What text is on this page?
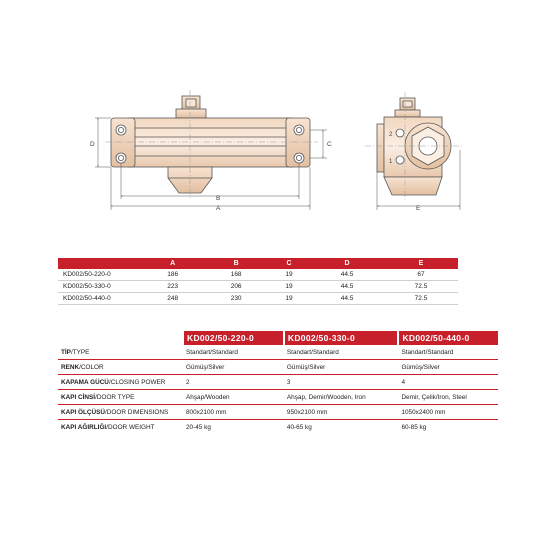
B
A
D	C
E
2
1
	A	B	C	D	E
KD002/50-220-0	186	168	19	44.5	67
KD002/50-330-0	223	206	19	44.5	72.5
KD002/50-440-0	248	230	19	44.5	72.5
	KD002/50-220-0	KD002/50-330-0	KD002/50-440-0
TİP/TYPE	Standart/Standard	Standart/Standard	Standart/Standard
RENK/COLOR	Gümüş/Silver	Gümüş/Silver	Gümüş/Silver
KAPAMA GÜCÜ/CLOSING POWER	2	3	4
KAPI CİNSİ/DOOR TYPE	Ahşap/Wooden	Ahşap, Demir/Wooden, Iron	Demir, Çelik/Iron, Steel
KAPI ÖLÇÜSÜ/DOOR DIMENSIONS	800x2100 mm	950x2100 mm	1050x2400 mm
KAPI AĞIRLIĞI/DOOR WEIGHT	20-45 kg	40-65 kg	60-85 kg
